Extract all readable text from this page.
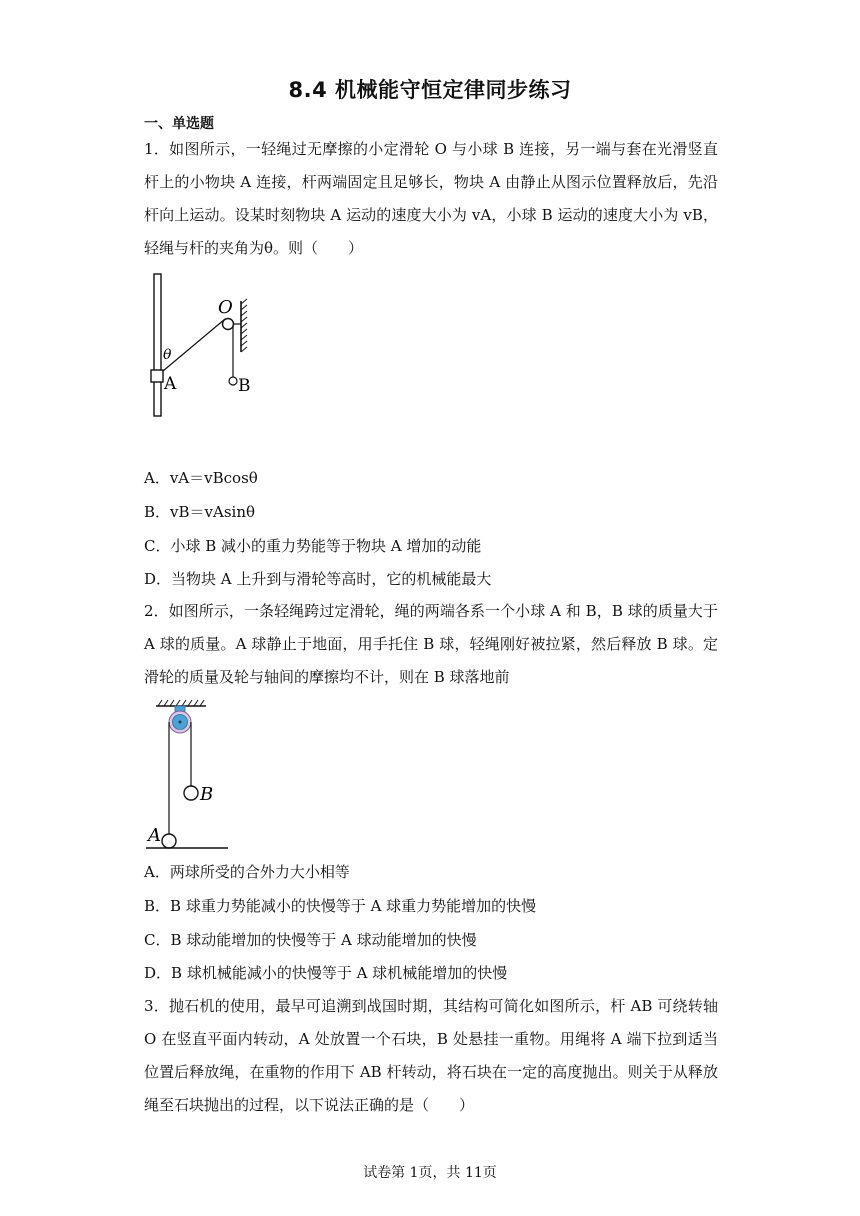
8.4 机械能守恒定律同步练习
一、单选题

1．如图所示，一轻绳过无摩擦的小定滑轮 O 与小球 B 连接，另一端与套在光滑竖直杆上的小物块 A 连接，杆两端固定且足够长，物块 A 由静止从图示位置释放后，先沿杆向上运动。设某时刻物块 A 运动的速度大小为 vA，小球 B 运动的速度大小为 vB，轻绳与杆的夹角为θ。则（　　）

O
θ
A	B
A．vA＝vBcosθ
B．vB＝vAsinθ
C．小球 B 减小的重力势能等于物块 A 增加的动能
D．当物块 A 上升到与滑轮等高时，它的机械能最大

2．如图所示，一条轻绳跨过定滑轮，绳的两端各系一个小球 A 和 B，B 球的质量大于 A 球的质量。A 球静止于地面，用手托住 B 球，轻绳刚好被拉紧，然后释放 B 球。定滑轮的质量及轮与轴间的摩擦均不计，则在 B 球落地前

B
A
A．两球所受的合外力大小相等
B．B 球重力势能减小的快慢等于 A 球重力势能增加的快慢
C．B 球动能增加的快慢等于 A 球动能增加的快慢
D．B 球机械能减小的快慢等于 A 球机械能增加的快慢

3．抛石机的使用，最早可追溯到战国时期，其结构可简化如图所示，杆 AB 可绕转轴 O 在竖直平面内转动，A 处放置一个石块，B 处悬挂一重物。用绳将 A 端下拉到适当位置后释放绳，在重物的作用下 AB 杆转动，将石块在一定的高度抛出。则关于从释放绳至石块抛出的过程，以下说法正确的是（　　）

试卷第 1页，共 11页
